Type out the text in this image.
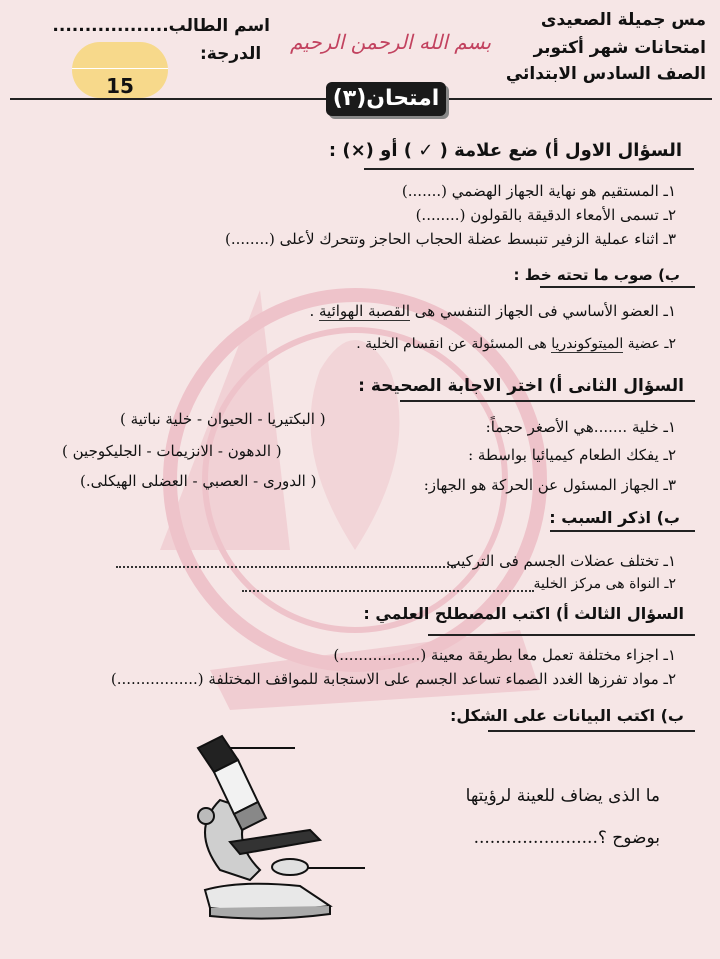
مس جميلة الصعيدى
امتحانات شهر أكتوبر
الصف السادس الابتدائي
بسم الله الرحمن الرحيم
اسم الطالب..................
الدرجة:
15	امتحان(٣)
السؤال الاول أ) ضع علامة ( ✓ ) أو (×) :
١ـ المستقيم هو نهاية الجهاز الهضمي (.......)
٢ـ تسمى الأمعاء الدقيقة بالقولون (........)
٣ـ اثناء عملية الزفير تنبسط عضلة الحجاب الحاجز وتتحرك لأعلى (........)
ب) صوب ما تحته خط :
١ـ العضو الأساسي فى الجهاز التنفسي هى القصبة الهوائية .
٢ـ عضية الميتوكوندريا هى المسئولة عن انقسام الخلية .
السؤال الثانى أ) اختر الاجابة الصحيحة :
١ـ خلية .......هي الأصغر حجماً:
( البكتيريا - الحيوان - خلية نباتية )
٢ـ يفكك الطعام كيميائيا بواسطة :
( الدهون - الانزيمات - الجليكوجين )
٣ـ الجهاز المسئول عن الحركة هو الجهاز:
( الدورى - العصبي - العضلى الهيكلى.)
ب) اذكر السبب :
١ـ تختلف عضلات الجسم فى التركيب
٢ـ النواة هى مركز الخلية
السؤال الثالث أ) اكتب المصطلح العلمي :
١ـ اجزاء مختلفة تعمل معا بطريقة معينة (.................)
٢ـ مواد تفرزها الغدد الصماء تساعد الجسم على الاستجابة للمواقف المختلفة (.................)
ب) اكتب البيانات على الشكل:
ما الذى يضاف للعينة لرؤيتها
بوضوح ؟.......................
